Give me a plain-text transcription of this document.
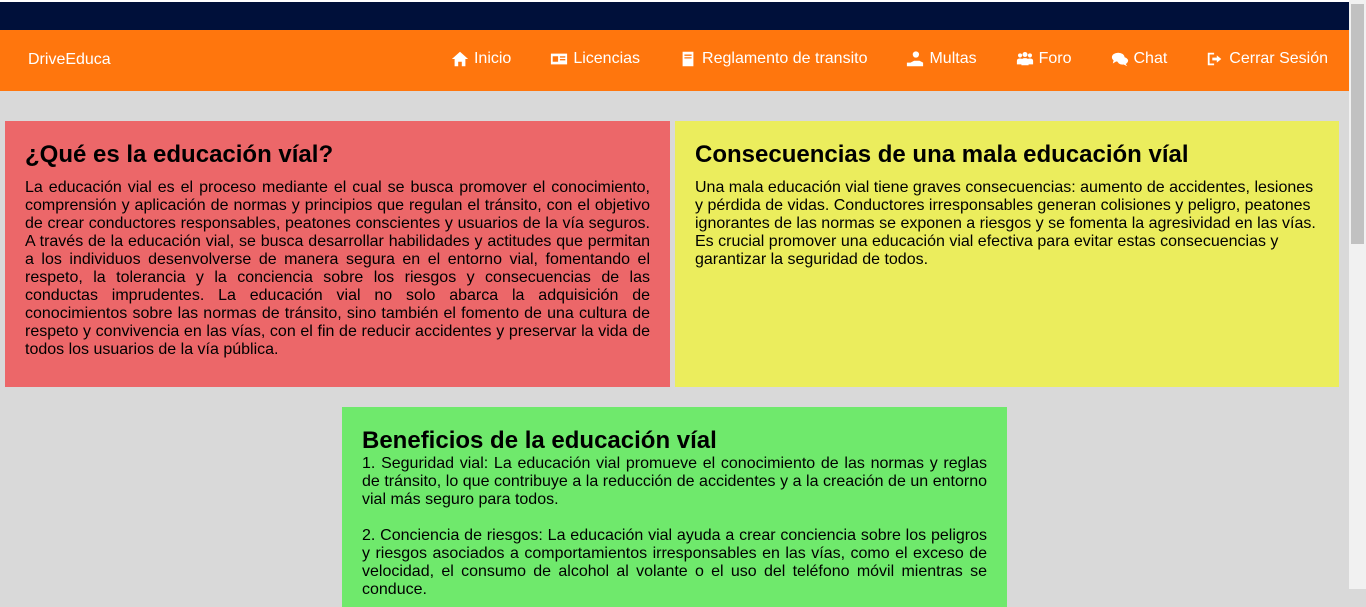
DriveEduca	Inicio	Licencias	Reglamento de transito	Multas	Foro	Chat	Cerrar Sesión
¿Qué es la educación víal?

La educación vial es el proceso mediante el cual se busca promover el conocimiento, comprensión y aplicación de normas y principios que regulan el tránsito, con el objetivo de crear conductores responsables, peatones conscientes y usuarios de la vía seguros. A través de la educación vial, se busca desarrollar habilidades y actitudes que permitan a los individuos desenvolverse de manera segura en el entorno vial, fomentando el respeto, la tolerancia y la conciencia sobre los riesgos y consecuencias de las conductas imprudentes. La educación vial no solo abarca la adquisición de conocimientos sobre las normas de tránsito, sino también el fomento de una cultura de respeto y convivencia en las vías, con el fin de reducir accidentes y preservar la vida de todos los usuarios de la vía pública.

Consecuencias de una mala educación víal

Una mala educación vial tiene graves consecuencias: aumento de accidentes, lesiones y pérdida de vidas. Conductores irresponsables generan colisiones y peligro, peatones ignorantes de las normas se exponen a riesgos y se fomenta la agresividad en las vías. Es crucial promover una educación vial efectiva para evitar estas consecuencias y garantizar la seguridad de todos.

Beneficios de la educación víal

1. Seguridad vial: La educación vial promueve el conocimiento de las normas y reglas de tránsito, lo que contribuye a la reducción de accidentes y a la creación de un entorno vial más seguro para todos.

2. Conciencia de riesgos: La educación vial ayuda a crear conciencia sobre los peligros y riesgos asociados a comportamientos irresponsables en las vías, como el exceso de velocidad, el consumo de alcohol al volante o el uso del teléfono móvil mientras se conduce.
